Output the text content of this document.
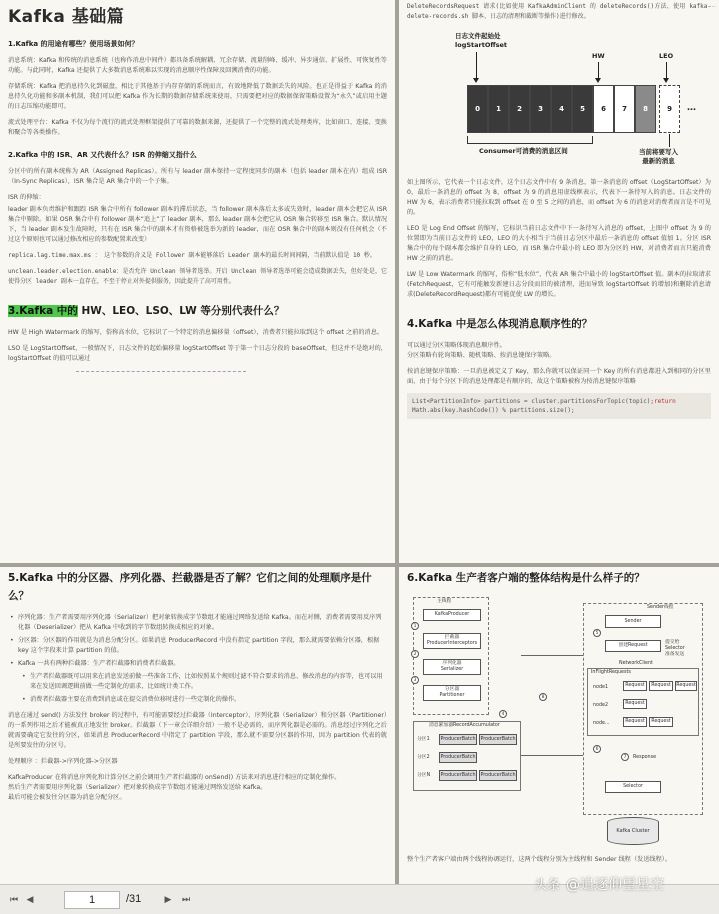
Kafka 基础篇
1.Kafka 的用途有哪些？使用场景如何？
消息系统：Kafka 和传统的消息系统（也称作消息中间件）都具备系统解耦、冗余存储、流量削峰、缓冲、异步通信、扩展性、可恢复性等功能。与此同时，Kafka 还提供了大多数消息系统难以实现的消息顺序性保障及回溯消费的功能。
存储系统：Kafka 把消息持久化到磁盘，相比于其他基于内存存储的系统而言，有效地降低了数据丢失的风险。也正是得益于 Kafka 的消息持久化功能和多副本机制，我们可以把 Kafka 作为长期的数据存储系统来使用，只需要把对应的数据保留策略设置为“永久”或启用主题的日志压缩功能即可。
流式处理平台：Kafka 不仅为每个流行的流式处理框架提供了可靠的数据来源，还提供了一个完整的流式处理类库，比如窗口、连接、变换和聚合等各类操作。
2.Kafka 中的 ISR、AR 又代表什么？ISR 的伸缩又指什么
分区中的所有副本统称为 AR（Assigned Replicas）。所有与 leader 副本保持一定程度同步的副本（包括 leader 副本在内）组成 ISR（In-Sync Replicas），ISR 集合是 AR 集合中的一个子集。
ISR 的伸缩：
leader 副本负责维护和跟踪 ISR 集合中所有 follower 副本的滞后状态，当 follower 副本落后太多或失效时，leader 副本会把它从 ISR 集合中剔除。如果 OSR 集合中有 follower 副本“追上”了 leader 副本，那么 leader 副本会把它从 OSR 集合转移至 ISR 集合。默认情况下，当 leader 副本发生故障时，只有在 ISR 集合中的副本才有资格被选举为新的 leader，而在 OSR 集合中的副本则没有任何机会（不过这个原则也可以通过修改相应的参数配置来改变）
replica.lag.time.max.ms ： 这个参数的含义是 Follower 副本能够落后 Leader 副本的最长时间间隔，当前默认值是 10 秒。
unclean.leader.election.enable：是否允许 Unclean 领导者选举。开启 Unclean 领导者选举可能会造成数据丢失，但好处是，它使得分区 leader 副本一直存在，不至于停止对外提供服务，因此提升了高可用性。
3.Kafka 中的 HW、LEO、LSO、LW 等分别代表什么？
HW 是 High Watermark 的缩写，俗称高水位，它标识了一个特定的消息偏移量（offset），消费者只能拉取到这个 offset 之前的消息。
LSO 是 LogStartOffset，一般情况下，日志文件的起始偏移量 logStartOffset 等于第一个日志分段的 baseOffset，但这并不是绝对的，logStartOffset 的值可以通过
DeleteRecordsRequest 请求(比如使用 KafkaAdminClient 的 deleteRecords()方法、使用 kafka-delete-records.sh 脚本、日志的清理和截断等操作)进行修改。
日志文件起始处
logStartOffset
HW	LEO
0	1	2	3	4	5	6	7	8	9	…
Consumer可消费的消息区间	当前将要写入
最新的消息
如上图所示，它代表一个日志文件，这个日志文件中有 9 条消息，第一条消息的 offset（LogStartOffset）为 0，最后一条消息的 offset 为 8，offset 为 9 的消息用虚线框表示，代表下一条待写入的消息。日志文件的 HW 为 6，表示消费者只能拉取到 offset 在 0 至 5 之间的消息，而 offset 为 6 的消息对消费者而言是不可见的。
LEO 是 Log End Offset 的缩写，它标识当前日志文件中下一条待写入消息的 offset，上图中 offset 为 9 的位置即为当前日志文件的 LEO，LEO 的大小相当于当前日志分区中最后一条消息的 offset 值加 1。分区 ISR 集合中的每个副本都会维护自身的 LEO，而 ISR 集合中最小的 LEO 即为分区的 HW，对消费者而言只能消费 HW 之前的消息。
LW 是 Low Watermark 的缩写，俗称“低水位”，代表 AR 集合中最小的 logStartOffset 值。副本的拉取请求(FetchRequest，它有可能触发新建日志分段而旧的被清理，进而导致 logStartOffset 的增加)和删除消息请求(DeleteRecordRequest)都有可能促使 LW 的增长。
4.Kafka 中是怎么体现消息顺序性的？
可以通过分区策略体现消息顺序性。
分区策略有轮询策略、随机策略、按消息键保序策略。
按消息键保序策略：一旦消息被定义了 Key，那么你就可以保证同一个 Key 的所有消息都进入到相同的分区里面，由于每个分区下的消息处理都是有顺序的，故这个策略被称为按消息键保序策略
List<PartitionInfo> partitions = cluster.partitionsForTopic(topic);return
Math.abs(key.hashCode()) % partitions.size();
…
5.Kafka 中的分区器、序列化器、拦截器是否了解？它们之间的处理顺序是什么？
• 序列化器：生产者需要用序列化器（Serializer）把对象转换成字节数组才能通过网络发送给 Kafka。而在对侧，消费者需要用反序列化器（Deserializer）把从 Kafka 中收到的字节数组转换成相应的对象。
• 分区器：分区器的作用就是为消息分配分区。如果消息 ProducerRecord 中没有指定 partition 字段，那么就需要依赖分区器，根据 key 这个字段来计算 partition 的值。
• Kafka 一共有两种拦截器：生产者拦截器和消费者拦截器。
• 生产者拦截器既可以用来在消息发送前做一些准备工作，比如按照某个规则过滤不符合要求的消息、修改消息的内容等，也可以用来在发送回调逻辑前做一些定制化的需求，比如统计类工作。
• 消费者拦截器主要在消费到消息或在提交消费位移时进行一些定制化的操作。
消息在通过 send() 方法发往 broker 的过程中，有可能需要经过拦截器（Interceptor）、序列化器（Serializer）和分区器（Partitioner）的一系列作用之后才能被真正地发往 broker。拦截器（下一章会详细介绍）一般不是必需的，而序列化器是必需的。消息经过序列化之后就需要确定它发往的分区，如果消息 ProducerRecord 中指定了 partition 字段，那么就不需要分区器的作用，因为 partition 代表的就是所要发往的分区号。
处理顺序 ：拦截器->序列化器->分区器
KafkaProducer 在将消息序列化和计算分区之前会调用生产者拦截器的 onSend() 方法来对消息进行相应的定制化操作。
然后生产者需要用序列化器（Serializer）把对象转换成字节数组才能通过网络发送给 Kafka。
最后可能会被发往分区器为消息分配分区。
6.Kafka 生产者客户端的整体结构是什么样子的？
主线程
KafkaProducer
拦截器
ProducerInterceptors
序列化器
Serializer
分区器
Partitioner
1
2
3
消息累加器RecordAccumulator
分区1	ProducerBatch	ProducerBatch
分区2	ProducerBatch
分区N	ProducerBatch	ProducerBatch
4
Sender线程
Sender
创建Request
提交给
Selector
准备发送
NetworkClient
InFlightRequests
node1	Request	Request	Request
node2	Request
node...	Request	Request
Selector
Response
5
6
7
8
Kafka Cluster
整个生产者客户端由两个线程协调运行，这两个线程分别为主线程和 Sender 线程（发送线程）。
⏮ ◀	1	/31	▶ ⏭
头条 @追逐仰望星空
